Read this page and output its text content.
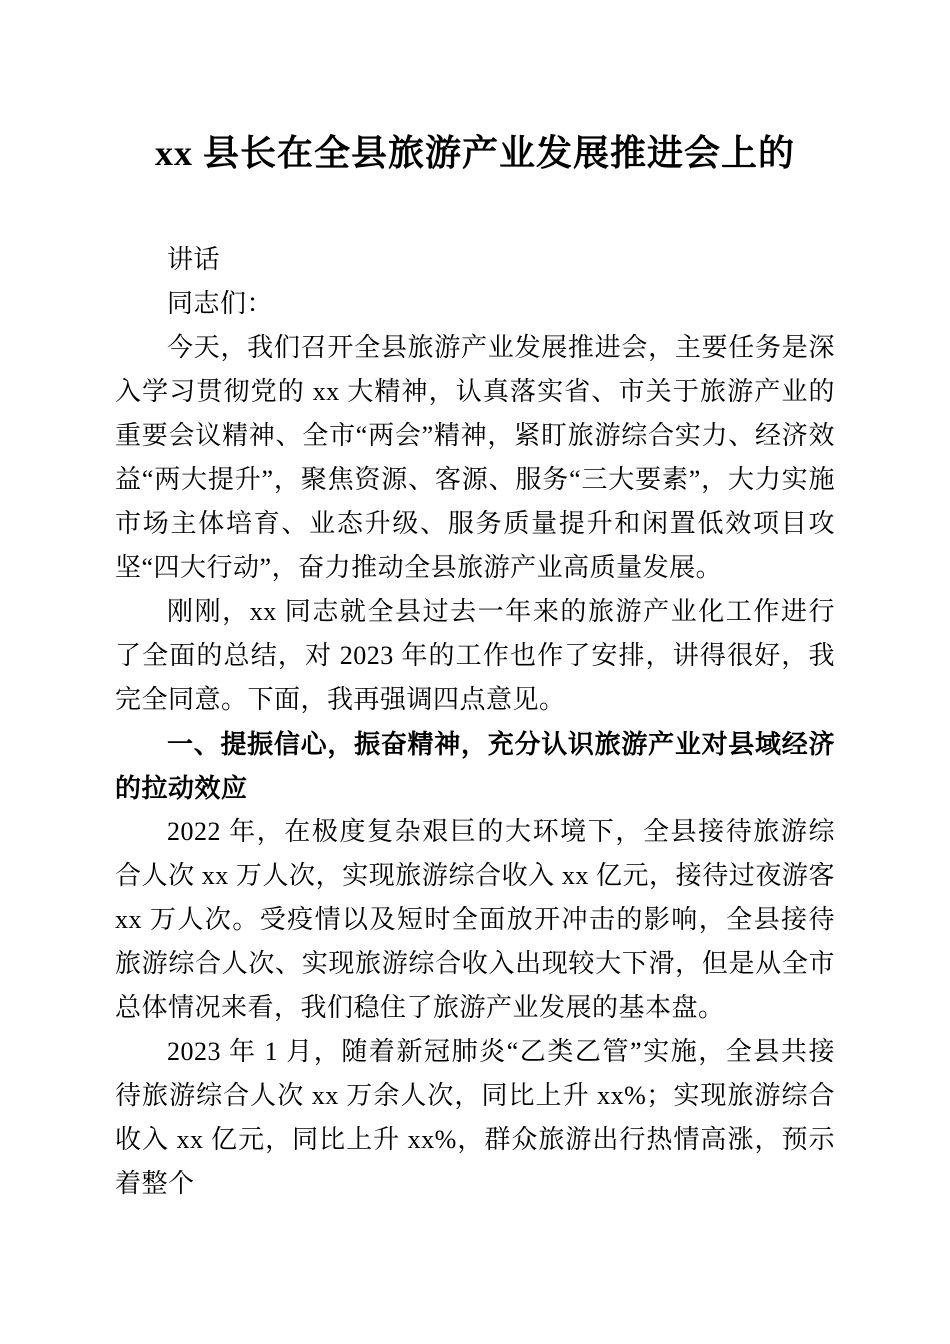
xx 县长在全县旅游产业发展推进会上的

讲话

同志们：

今天，我们召开全县旅游产业发展推进会，主要任务是深入学习贯彻党的 xx 大精神，认真落实省、市关于旅游产业的重要会议精神、全市“两会”精神，紧盯旅游综合实力、经济效益“两大提升”，聚焦资源、客源、服务“三大要素”，大力实施市场主体培育、业态升级、服务质量提升和闲置低效项目攻坚“四大行动”，奋力推动全县旅游产业高质量发展。

刚刚，xx 同志就全县过去一年来的旅游产业化工作进行了全面的总结，对 2023 年的工作也作了安排，讲得很好，我完全同意。下面，我再强调四点意见。

一、提振信心，振奋精神，充分认识旅游产业对县域经济的拉动效应

2022 年，在极度复杂艰巨的大环境下，全县接待旅游综合人次 xx 万人次，实现旅游综合收入 xx 亿元，接待过夜游客 xx 万人次。受疫情以及短时全面放开冲击的影响，全县接待旅游综合人次、实现旅游综合收入出现较大下滑，但是从全市总体情况来看，我们稳住了旅游产业发展的基本盘。

2023 年 1 月，随着新冠肺炎“乙类乙管”实施，全县共接待旅游综合人次 xx 万余人次，同比上升 xx%；实现旅游综合收入 xx 亿元，同比上升 xx%，群众旅游出行热情高涨，预示着整个
